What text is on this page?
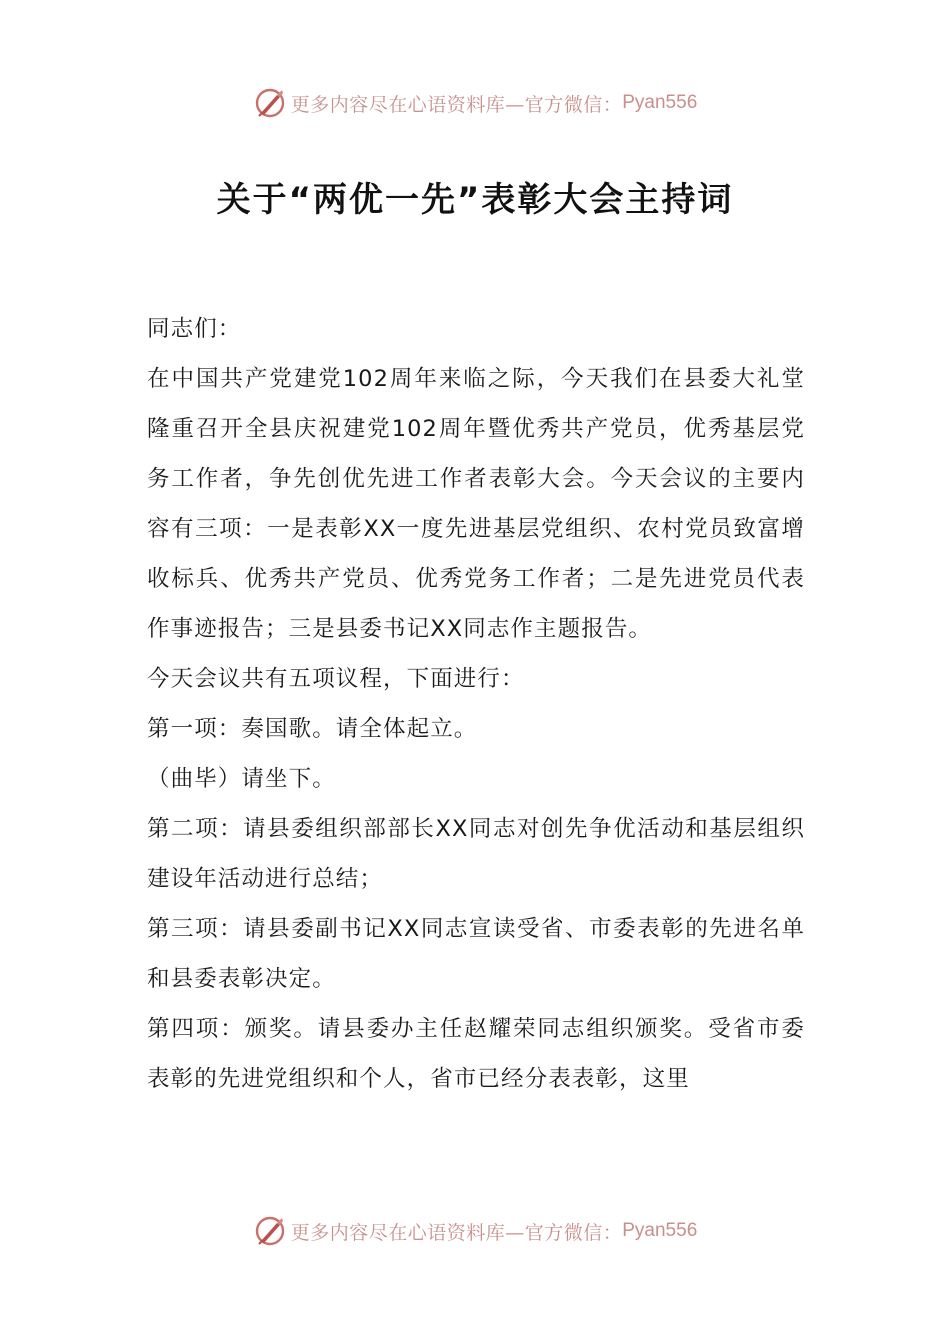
更多内容尽在心语资料库—官方微信： Pyan556
关于“两优一先”表彰大会主持词

同志们：

在中国共产党建党102周年来临之际，今天我们在县委大礼堂隆重召开全县庆祝建党102周年暨优秀共产党员，优秀基层党务工作者，争先创优先进工作者表彰大会。今天会议的主要内容有三项：一是表彰XX一度先进基层党组织、农村党员致富增收标兵、优秀共产党员、优秀党务工作者；二是先进党员代表作事迹报告；三是县委书记XX同志作主题报告。

今天会议共有五项议程，下面进行：

第一项：奏国歌。请全体起立。

（曲毕）请坐下。

第二项：请县委组织部部长XX同志对创先争优活动和基层组织建设年活动进行总结；

第三项：请县委副书记XX同志宣读受省、市委表彰的先进名单和县委表彰决定。

第四项：颁奖。请县委办主任赵耀荣同志组织颁奖。受省市委表彰的先进党组织和个人，省市已经分表表彰，这里

更多内容尽在心语资料库—官方微信： Pyan556
